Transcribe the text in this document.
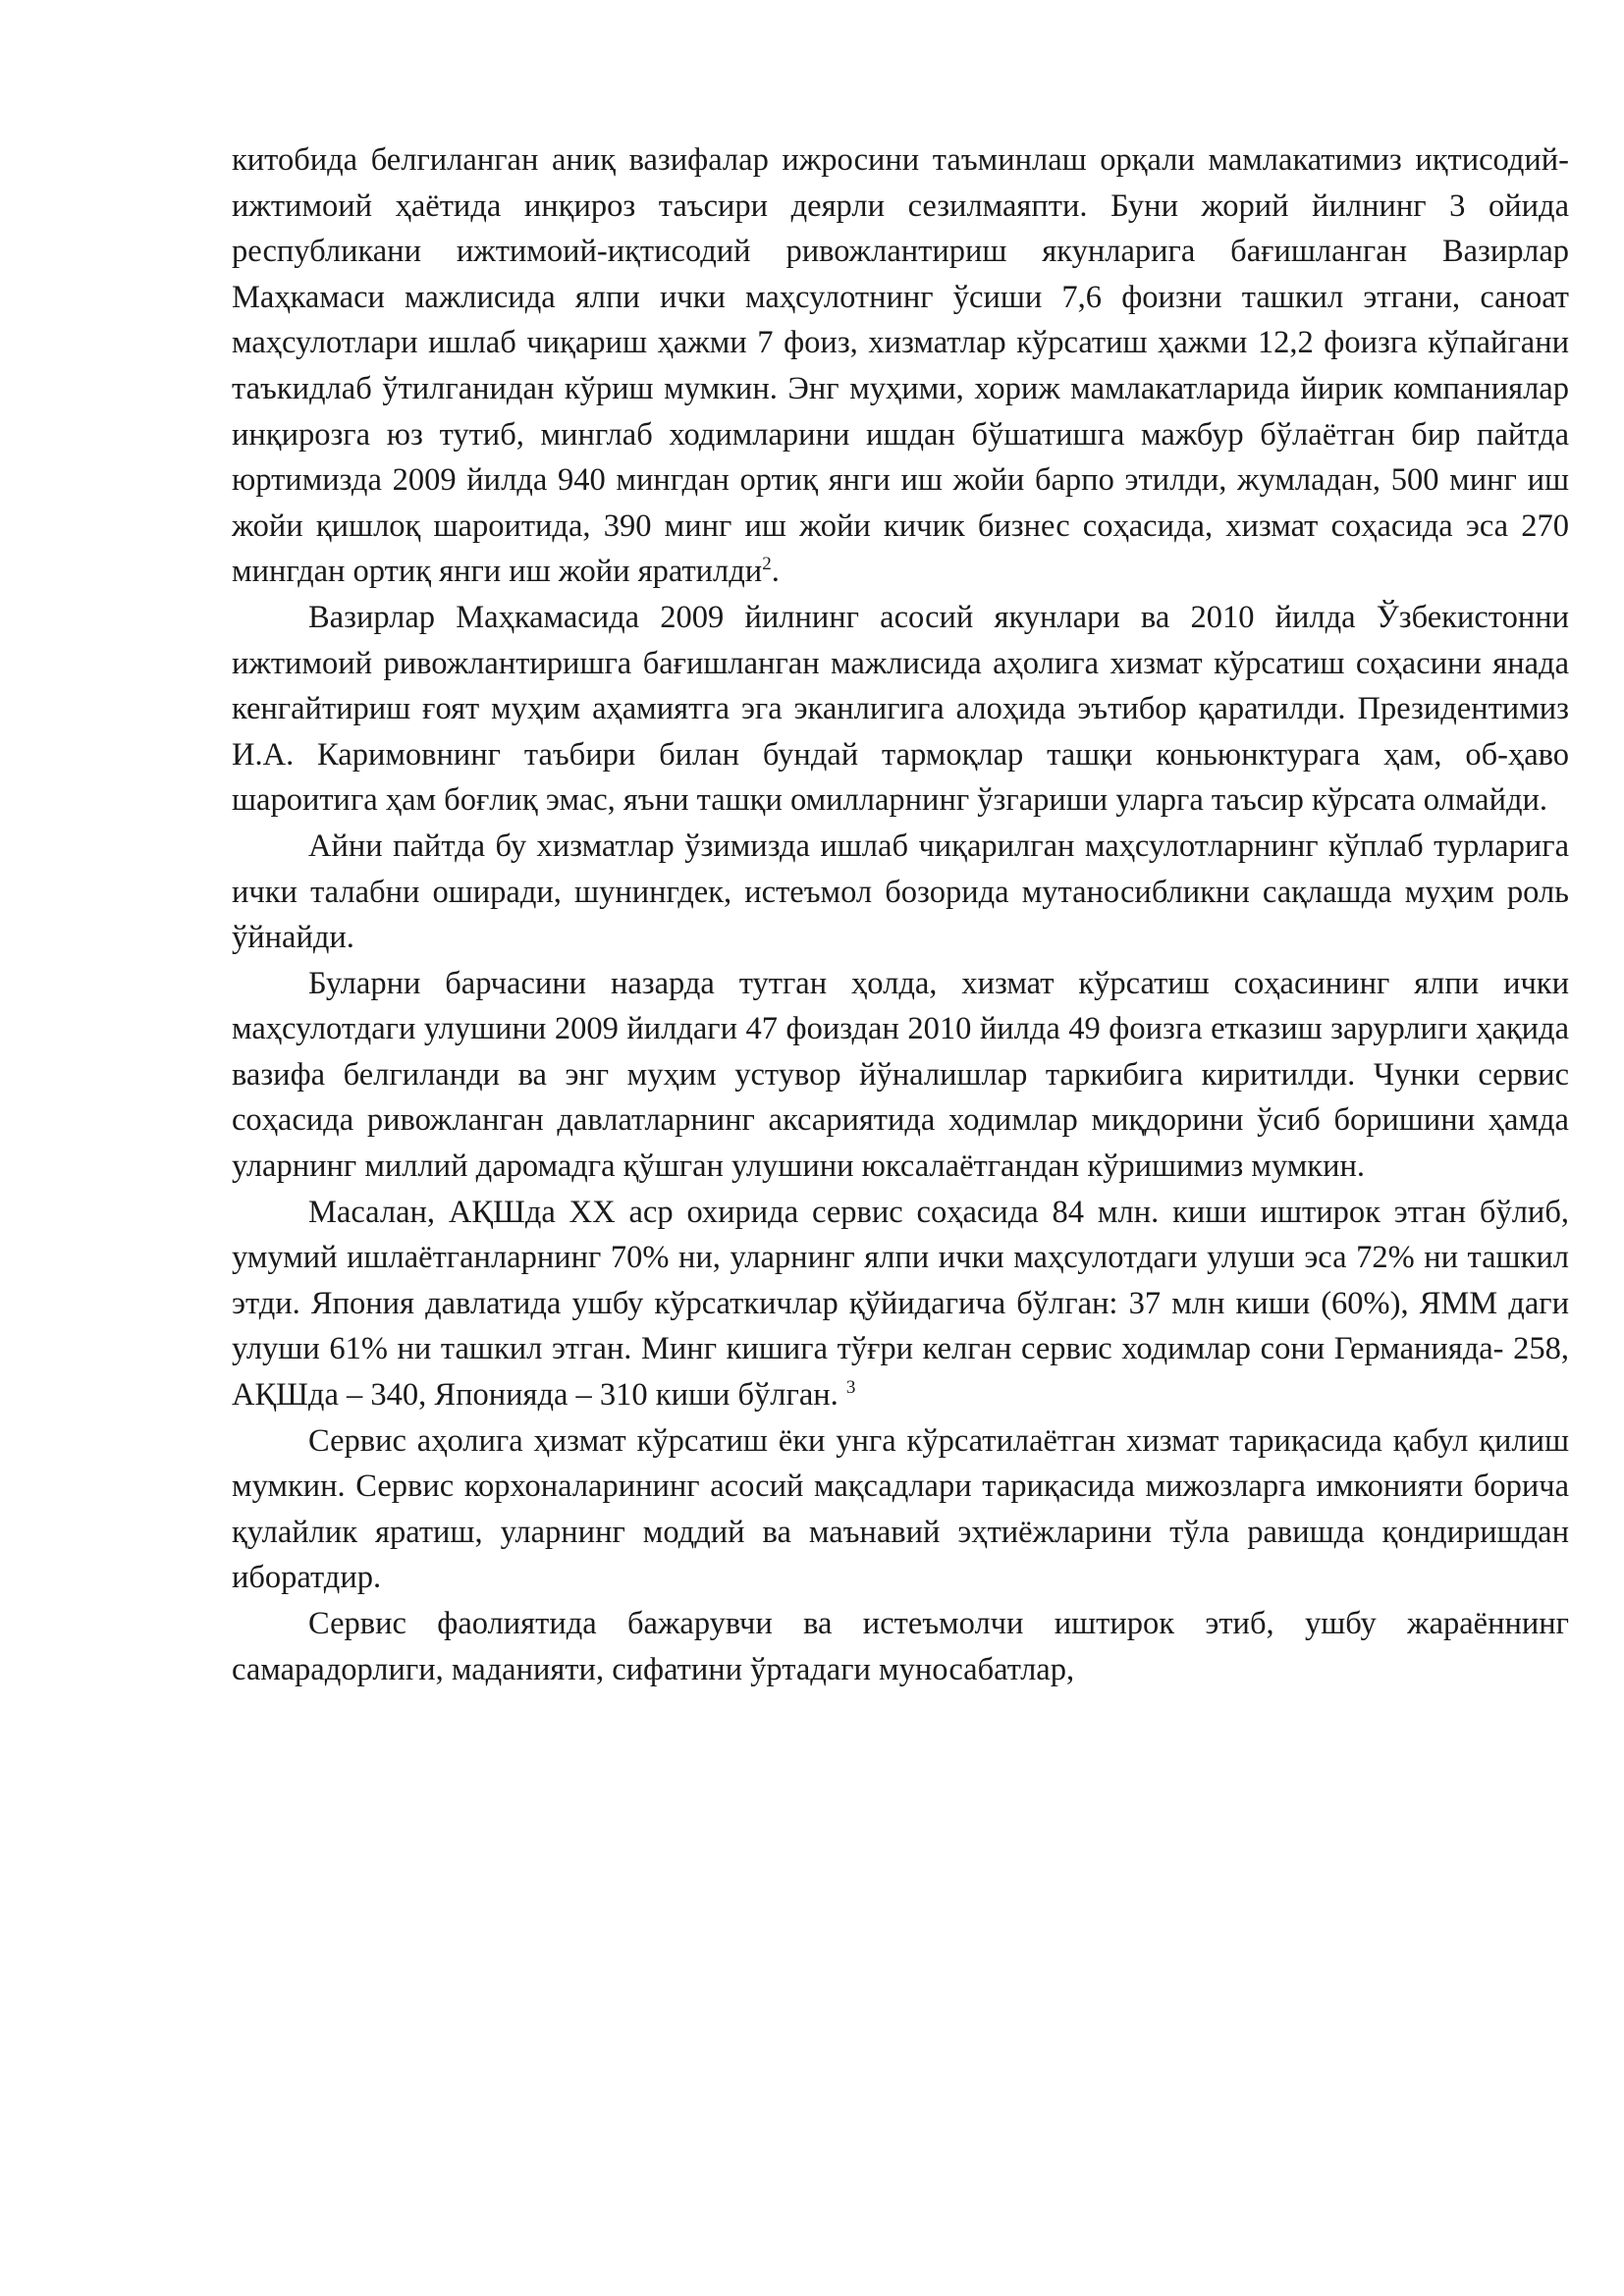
китобида белгиланган аниқ вазифалар ижросини таъминлаш орқали мамлакатимиз иқтисодий-ижтимоий ҳаётида инқироз таъсири деярли сезилмаяпти. Буни жорий йилнинг 3 ойида республикани ижтимоий-иқтисодий ривожлантириш якунларига бағишланган Вазирлар Маҳкамаси мажлисида ялпи ички маҳсулотнинг ўсиши 7,6 фоизни ташкил этгани, саноат маҳсулотлари ишлаб чиқариш ҳажми 7 фоиз, хизматлар кўрсатиш ҳажми 12,2 фоизга кўпайгани таъкидлаб ўтилганидан кўриш мумкин. Энг муҳими, хориж мамлакатларида йирик компаниялар инқирозга юз тутиб, минглаб ходимларини ишдан бўшатишга мажбур бўлаётган бир пайтда юртимизда 2009 йилда 940 мингдан ортиқ янги иш жойи барпо этилди, жумладан, 500 минг иш жойи қишлоқ шароитида, 390 минг иш жойи кичик бизнес соҳасида, хизмат соҳасида эса 270 мингдан ортиқ янги иш жойи яратилди$^2$.

Вазирлар Маҳкамасида 2009 йилнинг асосий якунлари ва 2010 йилда Ўзбекистонни ижтимоий ривожлантиришга бағишланган мажлисида аҳолига хизмат кўрсатиш соҳасини янада кенгайтириш ғоят муҳим аҳамиятга эга эканлигига алоҳида эътибор қаратилди. Президентимиз И.А. Каримовнинг таъбири билан бундай тармоқлар ташқи коньюнктурага ҳам, об-ҳаво шароитига ҳам боғлиқ эмас, яъни ташқи омилларнинг ўзгариши уларга таъсир кўрсата олмайди.

Айни пайтда бу хизматлар ўзимизда ишлаб чиқарилган маҳсулотларнинг кўплаб турларига ички талабни оширади, шунингдек, истеъмол бозорида мутаносибликни сақлашда муҳим роль ўйнайди.

Буларни барчасини назарда тутган ҳолда, хизмат кўрсатиш соҳасининг ялпи ички маҳсулотдаги улушини 2009 йилдаги 47 фоиздан 2010 йилда 49 фоизга етказиш зарурлиги ҳақида вазифа белгиланди ва энг муҳим устувор йўналишлар таркибига киритилди. Чунки сервис соҳасида ривожланган давлатларнинг аксариятида ходимлар миқдорини ўсиб боришини ҳамда уларнинг миллий даромадга қўшган улушини юксалаётгандан кўришимиз мумкин.

Масалан, АҚШда ХХ аср охирида сервис соҳасида 84 млн. киши иштирок этган бўлиб, умумий ишлаётганларнинг 70% ни, уларнинг ялпи ички маҳсулотдаги улуши эса 72% ни ташкил этди. Япония давлатида ушбу кўрсаткичлар қўйидагича бўлган: 37 млн киши (60%), ЯММ даги улуши 61% ни ташкил этган. Минг кишига тўғри келган сервис ходимлар сони Германияда- 258, АҚШда – 340, Японияда – 310 киши бўлган. $^3$

Сервис аҳолига ҳизмат кўрсатиш ёки унга кўрсатилаётган хизмат тариқасида қабул қилиш мумкин. Сервис корхоналарининг асосий мақсадлари тариқасида мижозларга имконияти борича қулайлик яратиш, уларнинг моддий ва маънавий эҳтиёжларини тўла равишда қондиришдан иборатдир.

Сервис фаолиятида бажарувчи ва истеъмолчи иштирок этиб, ушбу жараённинг самарадорлиги, маданияти, сифатини ўртадаги муносабатлар,
